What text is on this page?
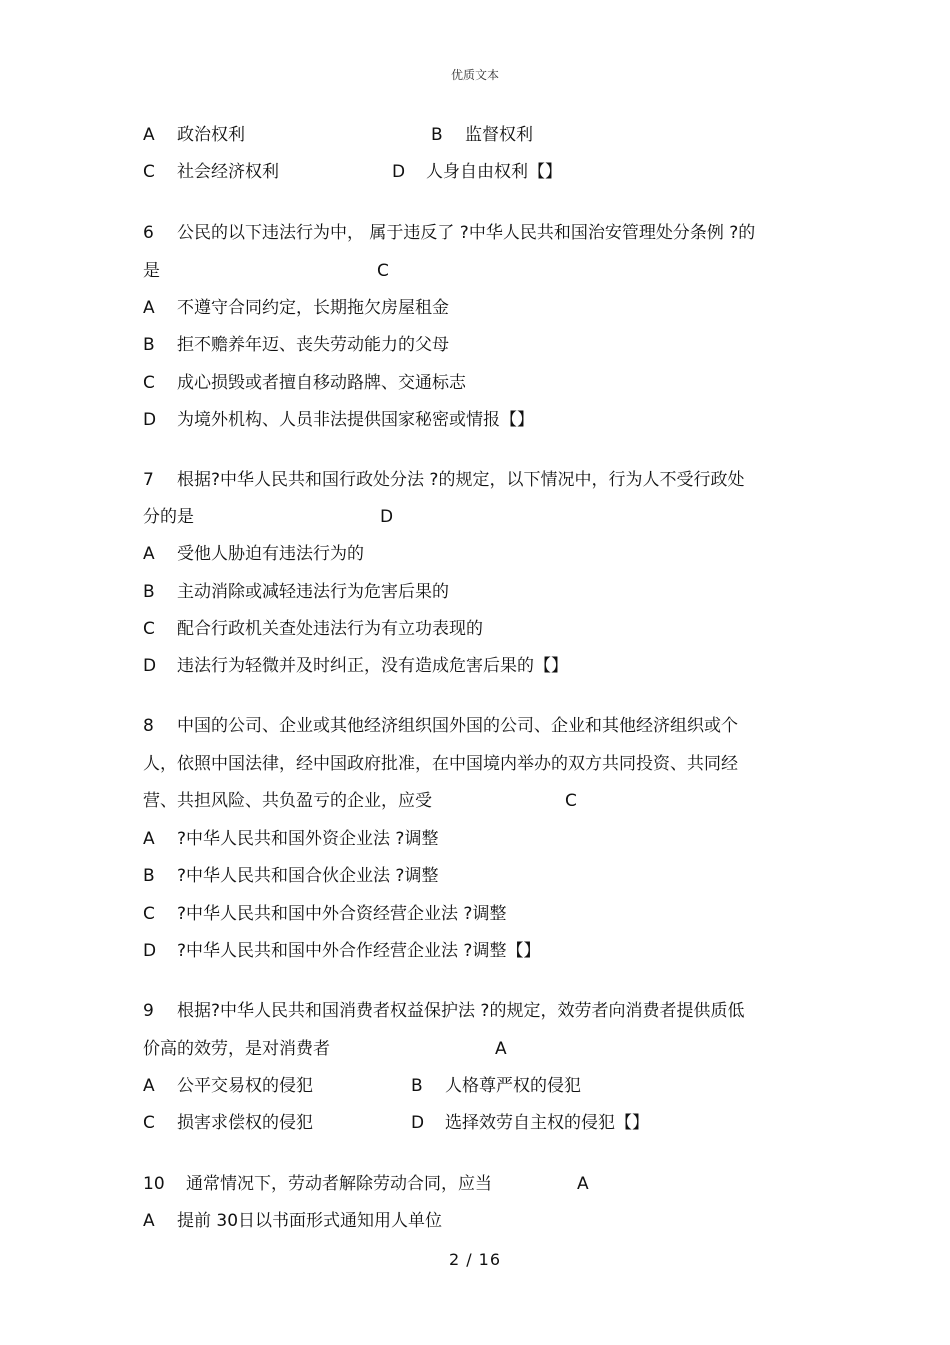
优质文本
A 政治权利	B 监督权利
C 社会经济权利	D 人身自由权利【】
6 公民的以下违法行为中， 属于违反了 ?中华人民共和国治安管理处分条例 ?的
是	C
A 不遵守合同约定，长期拖欠房屋租金
B 拒不赡养年迈、丧失劳动能力的父母
C 成心损毁或者擅自移动路牌、交通标志
D 为境外机构、人员非法提供国家秘密或情报【】
7 根据?中华人民共和国行政处分法 ?的规定，以下情况中，行为人不受行政处
分的是	D
A 受他人胁迫有违法行为的
B 主动消除或减轻违法行为危害后果的
C 配合行政机关查处违法行为有立功表现的
D 违法行为轻微并及时纠正，没有造成危害后果的【】
8 中国的公司、企业或其他经济组织国外国的公司、企业和其他经济组织或个
人，依照中国法律，经中国政府批准，在中国境内举办的双方共同投资、共同经
营、共担风险、共负盈亏的企业，应受	C
A ?中华人民共和国外资企业法 ?调整
B ?中华人民共和国合伙企业法 ?调整
C ?中华人民共和国中外合资经营企业法 ?调整
D ?中华人民共和国中外合作经营企业法 ?调整【】
9 根据?中华人民共和国消费者权益保护法 ?的规定，效劳者向消费者提供质低
价高的效劳，是对消费者	A
A 公平交易权的侵犯	B 人格尊严权的侵犯
C 损害求偿权的侵犯	D 选择效劳自主权的侵犯【】
10 通常情况下，劳动者解除劳动合同，应当	A
A 提前 30日以书面形式通知用人单位
2 / 16
